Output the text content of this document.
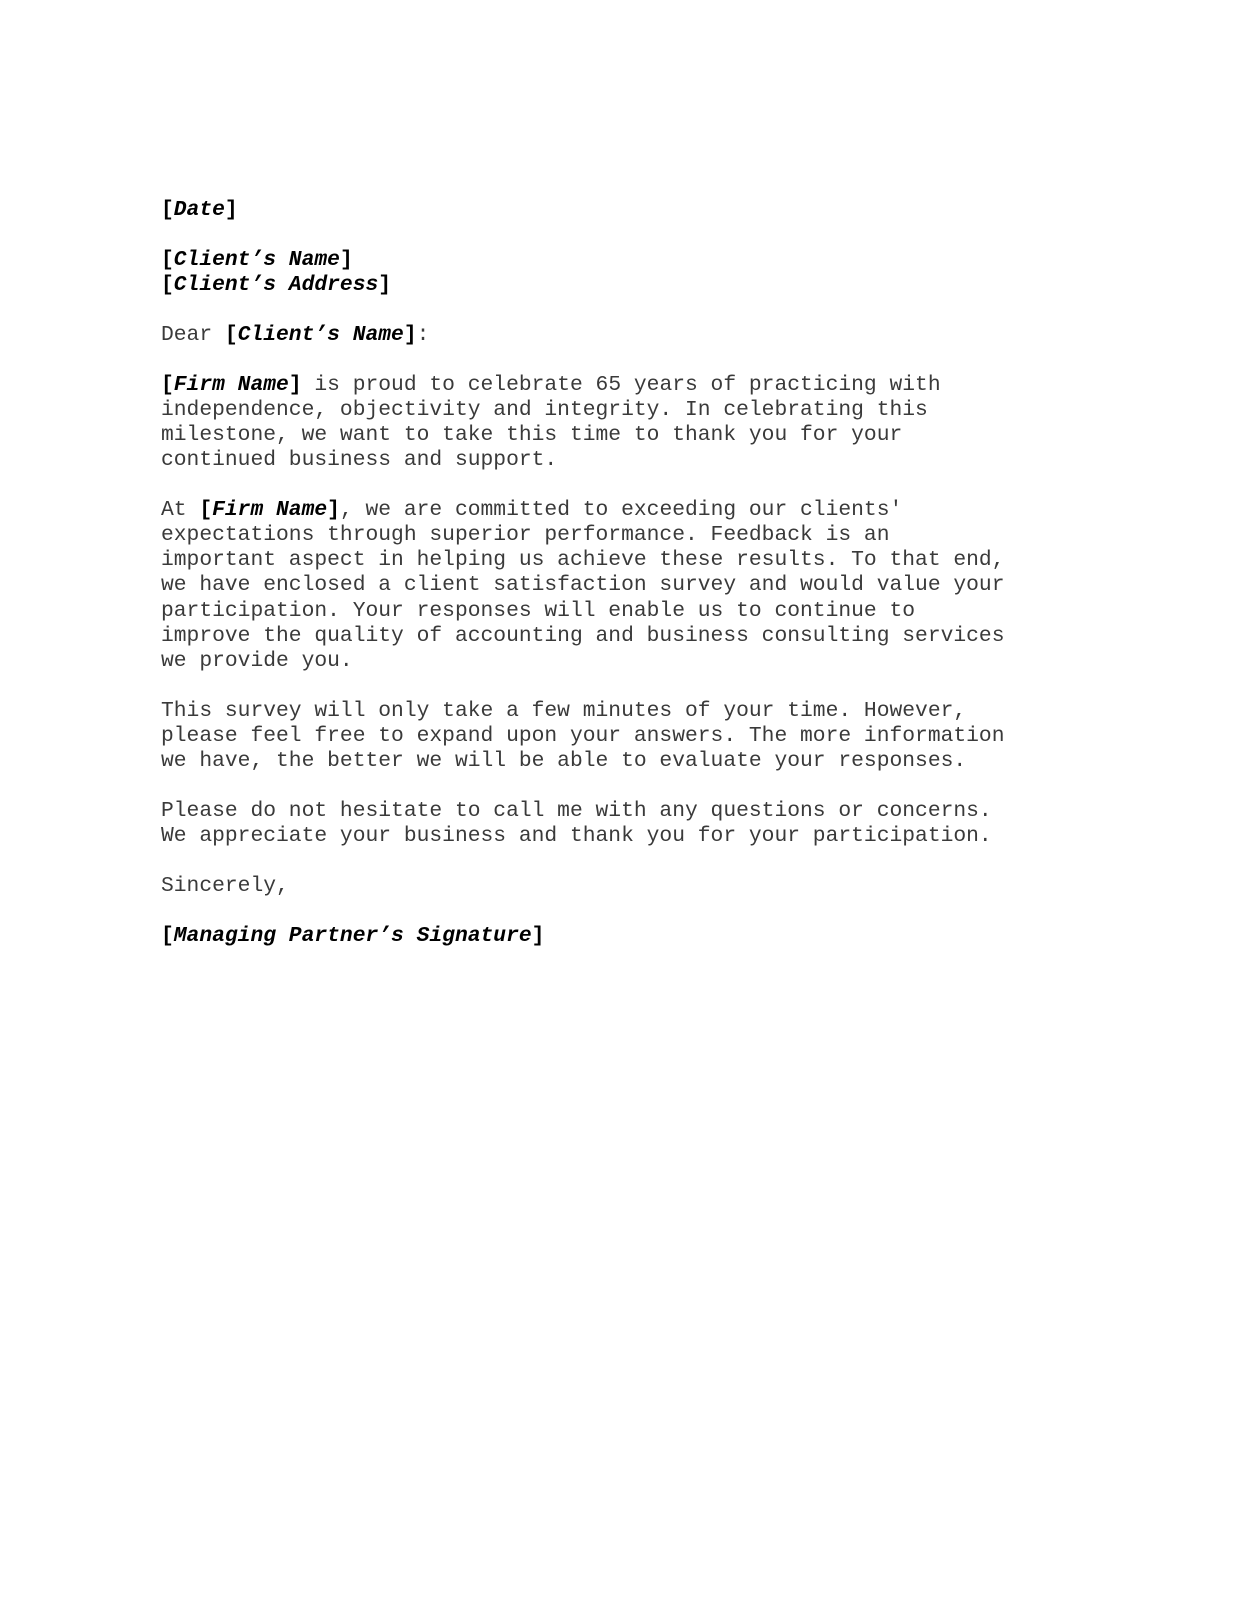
[Date]
[Client’s Name]
[Client’s Address]
Dear [Client’s Name]:
[Firm Name] is proud to celebrate 65 years of practicing with
independence, objectivity and integrity. In celebrating this
milestone, we want to take this time to thank you for your
continued business and support.
At [Firm Name], we are committed to exceeding our clients'
expectations through superior performance. Feedback is an
important aspect in helping us achieve these results. To that end,
we have enclosed a client satisfaction survey and would value your
participation. Your responses will enable us to continue to
improve the quality of accounting and business consulting services
we provide you.
This survey will only take a few minutes of your time. However,
please feel free to expand upon your answers. The more information
we have, the better we will be able to evaluate your responses.
Please do not hesitate to call me with any questions or concerns.
We appreciate your business and thank you for your participation.
Sincerely,
[Managing Partner’s Signature]
